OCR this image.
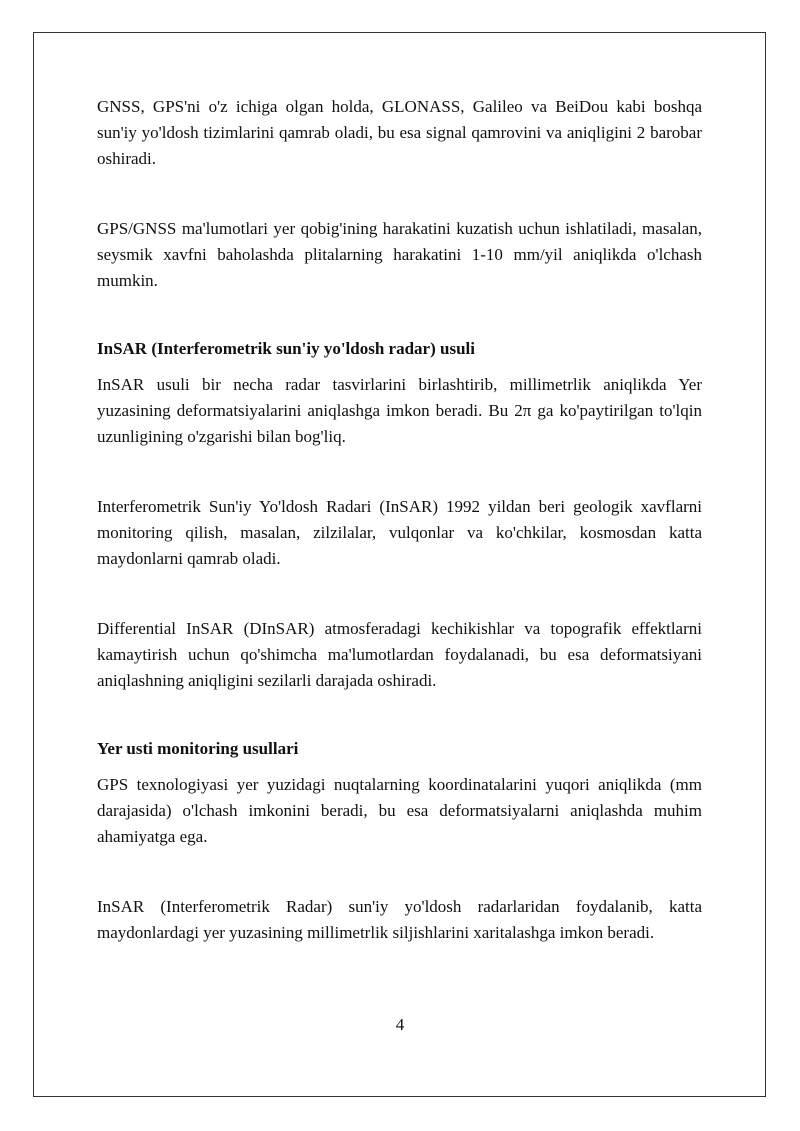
GNSS, GPS'ni o'z ichiga olgan holda, GLONASS, Galileo va BeiDou kabi boshqa sun'iy yo'ldosh tizimlarini qamrab oladi, bu esa signal qamrovini va aniqligini 2 barobar oshiradi.

GPS/GNSS ma'lumotlari yer qobig'ining harakatini kuzatish uchun ishlatiladi, masalan, seysmik xavfni baholashda plitalarning harakatini 1-10 mm/yil aniqlikda o'lchash mumkin.

InSAR (Interferometrik sun'iy yo'ldosh radar) usuli

InSAR usuli bir necha radar tasvirlarini birlashtirib, millimetrlik aniqlikda Yer yuzasining deformatsiyalarini aniqlashga imkon beradi. Bu 2π ga ko'paytirilgan to'lqin uzunligining o'zgarishi bilan bog'liq.

Interferometrik Sun'iy Yo'ldosh Radari (InSAR) 1992 yildan beri geologik xavflarni monitoring qilish, masalan, zilzilalar, vulqonlar va ko'chkilar, kosmosdan katta maydonlarni qamrab oladi.

Differential InSAR (DInSAR) atmosferadagi kechikishlar va topografik effektlarni kamaytirish uchun qo'shimcha ma'lumotlardan foydalanadi, bu esa deformatsiyani aniqlashning aniqligini sezilarli darajada oshiradi.

Yer usti monitoring usullari

GPS texnologiyasi yer yuzidagi nuqtalarning koordinatalarini yuqori aniqlikda (mm darajasida) o'lchash imkonini beradi, bu esa deformatsiyalarni aniqlashda muhim ahamiyatga ega.

InSAR (Interferometrik Radar) sun'iy yo'ldosh radarlaridan foydalanib, katta maydonlardagi yer yuzasining millimetrlik siljishlarini xaritalashga imkon beradi.

4
